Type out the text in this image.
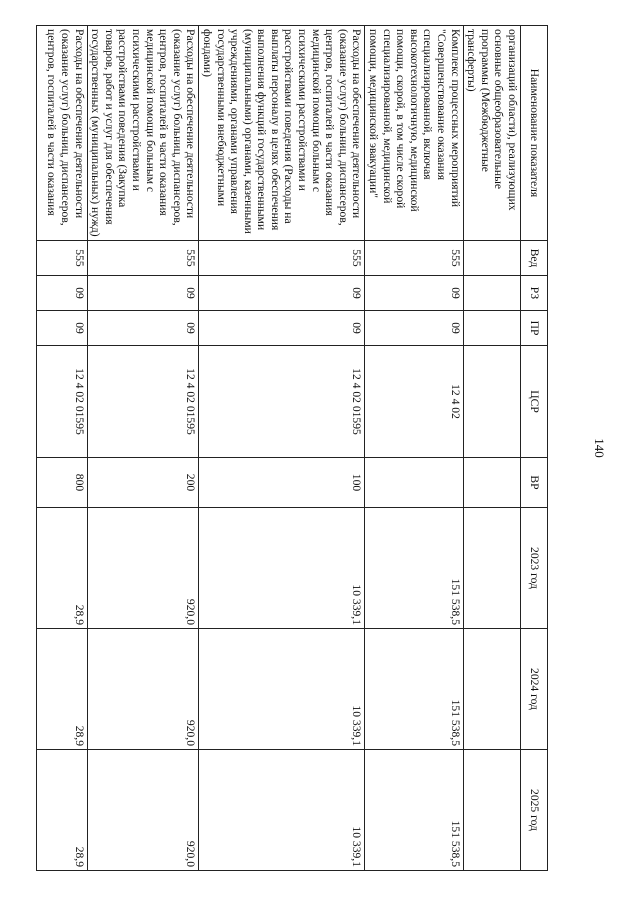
140
Наименование показателя	Вед	РЗ	ПР	ЦСР	ВР	2023 год	2024 год	2025 год
организаций области), реализующих основные общеобразовательные программы (Межбюджетные трансферты)								
Комплекс процессных мероприятий "Совершенствование оказания специализированной, включая высокотехнологичную, медицинской помощи, скорой, в том числе скорой специализированной, медицинской помощи, медицинской эвакуации"	555	09	09	12 4 02		151 538,5	151 538,5	151 538,5
Расходы на обеспечение деятельности (оказание услуг) больниц, диспансеров, центров, госпиталей в части оказания медицинской помощи больным с психическими расстройствами и расстройствами поведения (Расходы на выплаты персоналу в целях обеспечения выполнения функций государственными (муниципальными) органами, казенными учреждениями, органами управления государственными внебюджетными фондами)	555	09	09	12 4 02 01595	100	10 339,1	10 339,1	10 339,1
Расходы на обеспечение деятельности (оказание услуг) больниц, диспансеров, центров, госпиталей в части оказания медицинской помощи больным с психическими расстройствами и расстройствами поведения (Закупка товаров, работ и услуг для обеспечения государственных (муниципальных) нужд)	555	09	09	12 4 02 01595	200	920,0	920,0	920,0
Расходы на обеспечение деятельности (оказание услуг) больниц, диспансеров, центров, госпиталей в части оказания	555	09	09	12 4 02 01595	800	28,9	28,9	28,9
